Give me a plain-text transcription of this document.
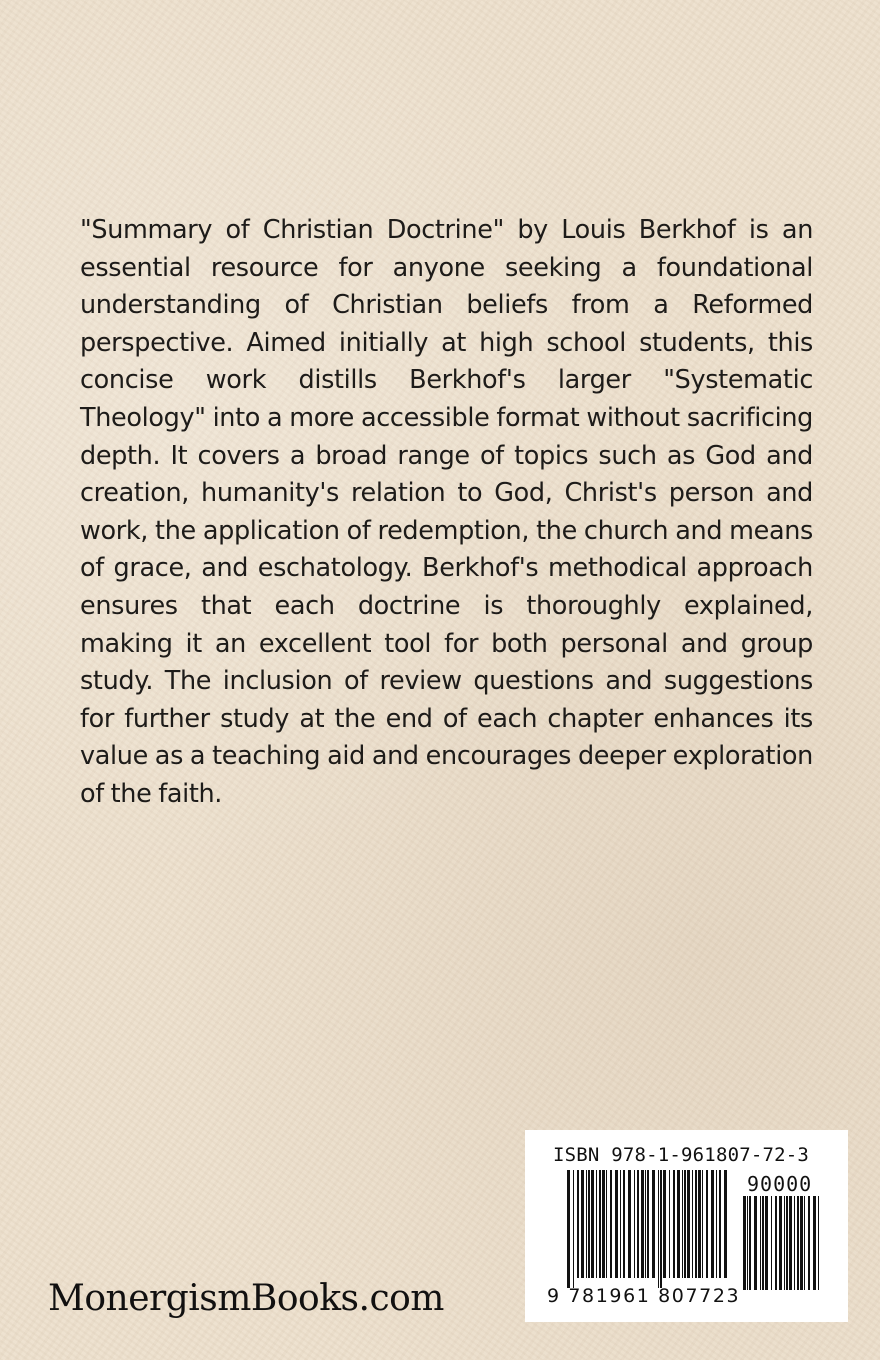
"Summary of Christian Doctrine" by Louis Berkhof is an essential resource for anyone seeking a foundational understanding of Christian beliefs from a Reformed perspective. Aimed initially at high school students, this concise work distills Berkhof's larger "Systematic Theology" into a more accessible format without sacrificing depth. It covers a broad range of topics such as God and creation, humanity's relation to God, Christ's person and work, the application of redemption, the church and means of grace, and eschatology. Berkhof's methodical approach ensures that each doctrine is thoroughly explained, making it an excellent tool for both personal and group study. The inclusion of review questions and suggestions for further study at the end of each chapter enhances its value as a teaching aid and encourages deeper exploration of the faith.

MonergismBooks.com
ISBN 978-1-961807-72-3
90000
9 781961 807723
